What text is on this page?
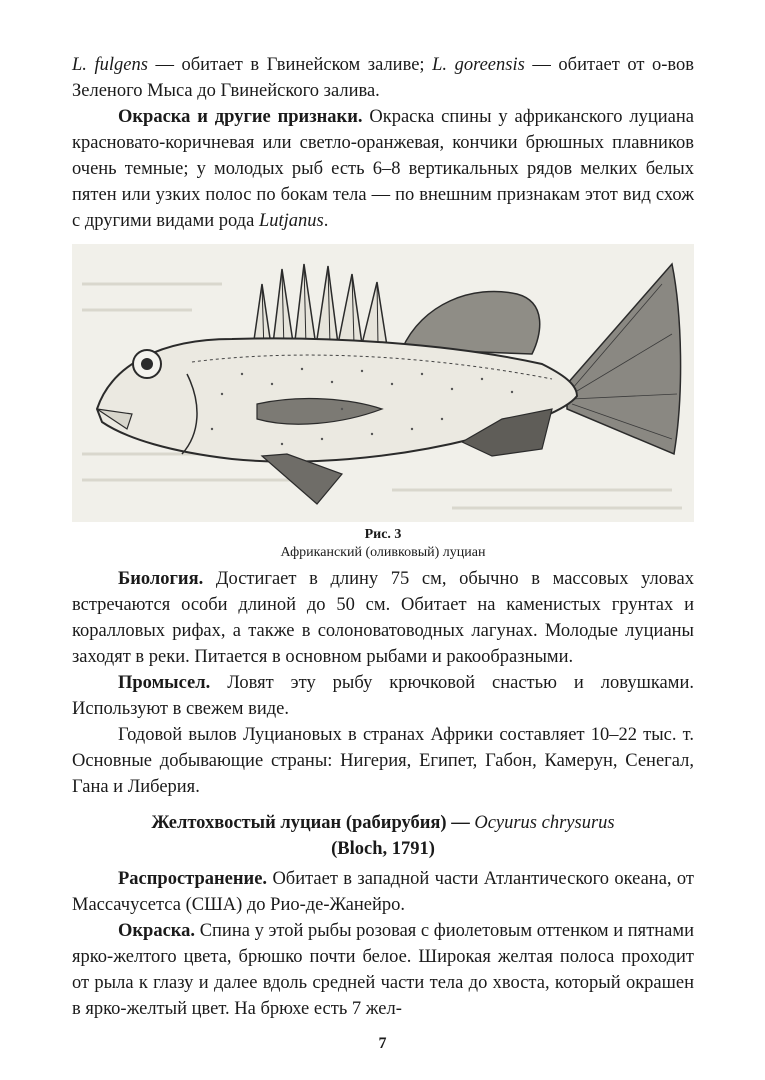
L. fulgens — обитает в Гвинейском заливе; L. goreensis — обитает от о-вов Зеленого Мыса до Гвинейского залива.

Окраска и другие признаки. Окраска спины у африканского луциана красновато-коричневая или светло-оранжевая, кончики брюшных плавников очень темные; у молодых рыб есть 6–8 вертикальных рядов мелких белых пятен или узких полос по бокам тела — по внешним признакам этот вид схож с другими видами рода Lutjanus.

Рис. 3
Африканский (оливковый) луциан

Биология. Достигает в длину 75 см, обычно в массовых уловах встречаются особи длиной до 50 см. Обитает на каменистых грунтах и коралловых рифах, а также в солоноватоводных лагунах. Молодые луцианы заходят в реки. Питается в основном рыбами и ракообразными.

Промысел. Ловят эту рыбу крючковой снастью и ловушками. Используют в свежем виде.

Годовой вылов Луциановых в странах Африки составляет 10–22 тыс. т. Основные добывающие страны: Нигерия, Египет, Габон, Камерун, Сенегал, Гана и Либерия.

Желтохвостый луциан (рабирубия) — Ocyurus chrysurus

(Bloch, 1791)

Распространение. Обитает в западной части Атлантического океана, от Массачусетса (США) до Рио-де-Жанейро.

Окраска. Спина у этой рыбы розовая с фиолетовым оттенком и пятнами ярко-желтого цвета, брюшко почти белое. Широкая желтая полоса проходит от рыла к глазу и далее вдоль средней части тела до хвоста, который окрашен в ярко-желтый цвет. На брюхе есть 7 жел-

7
